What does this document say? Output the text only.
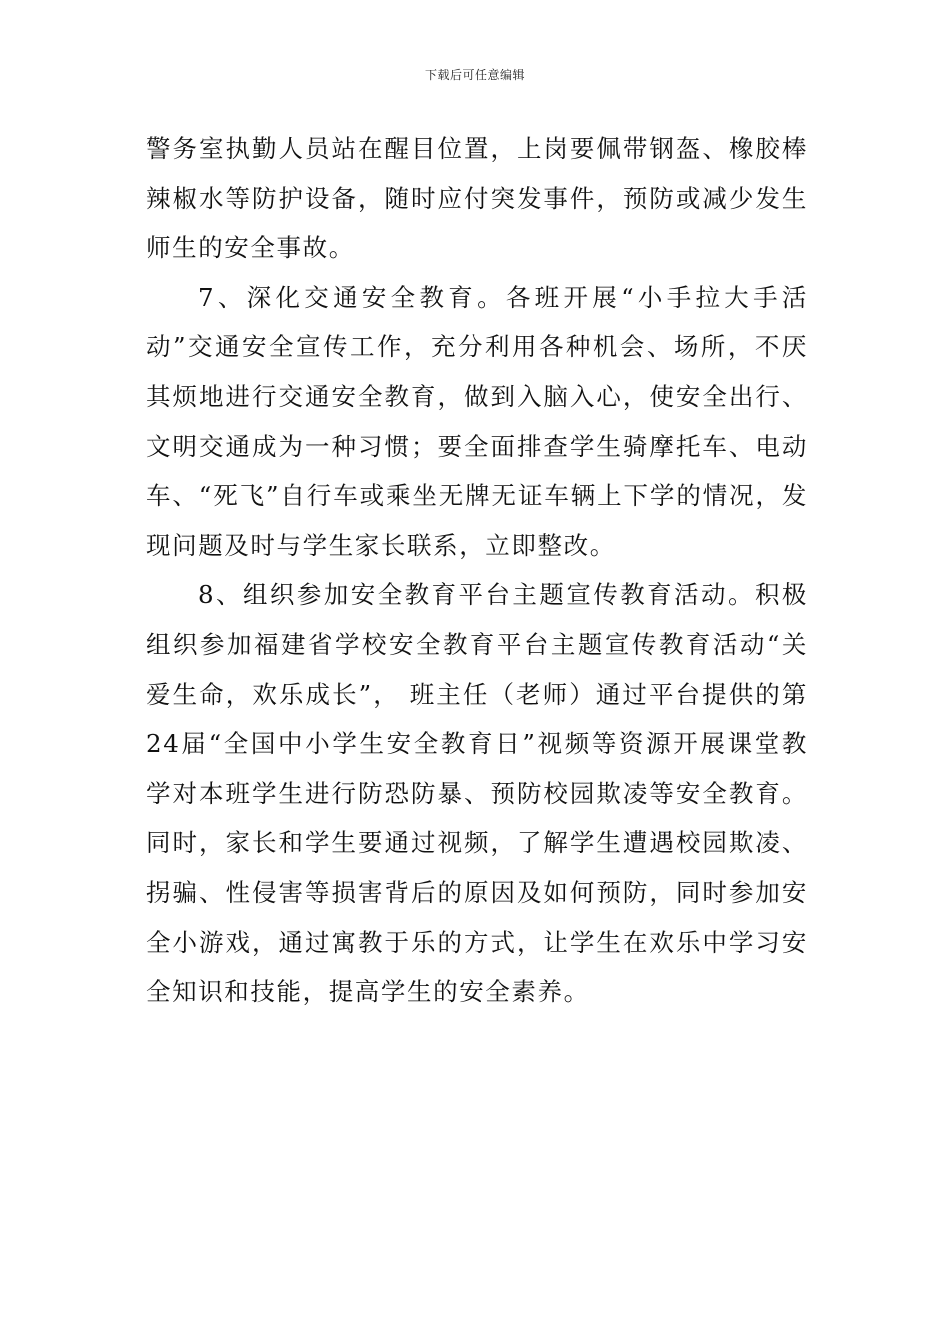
下载后可任意编辑

警务室执勤人员站在醒目位置，上岗要佩带钢盔、橡胶棒辣椒水等防护设备，随时应付突发事件，预防或减少发生师生的安全事故。

7、深化交通安全教育。各班开展“小手拉大手活动”交通安全宣传工作，充分利用各种机会、场所，不厌其烦地进行交通安全教育，做到入脑入心，使安全出行、文明交通成为一种习惯；要全面排查学生骑摩托车、电动车、“死飞”自行车或乘坐无牌无证车辆上下学的情况，发现问题及时与学生家长联系，立即整改。

8、组织参加安全教育平台主题宣传教育活动。积极组织参加福建省学校安全教育平台主题宣传教育活动“关爱生命，欢乐成长”， 班主任（老师）通过平台提供的第24届“全国中小学生安全教育日”视频等资源开展课堂教学对本班学生进行防恐防暴、预防校园欺凌等安全教育。同时，家长和学生要通过视频，了解学生遭遇校园欺凌、拐骗、性侵害等损害背后的原因及如何预防，同时参加安全小游戏，通过寓教于乐的方式，让学生在欢乐中学习安全知识和技能，提高学生的安全素养。
